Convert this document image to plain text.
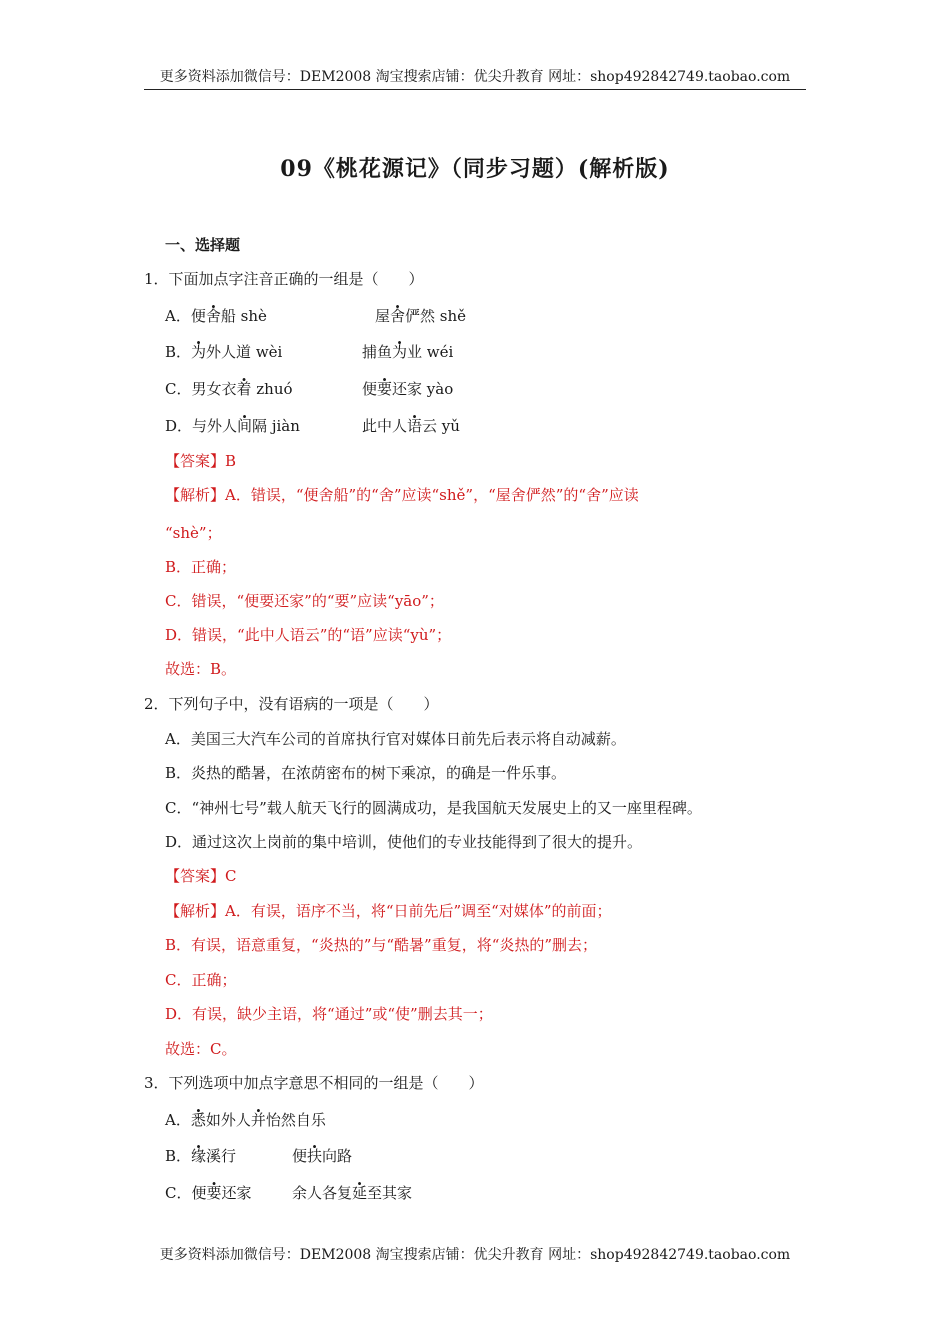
更多资料添加微信号：DEM2008 淘宝搜索店铺：优尖升教育 网址：shop492842749.taobao.com
09《桃花源记》（同步习题）(解析版)
一、选择题
1．下面加点字注音正确的一组是（　　）
A．便舍船 shè	屋舍俨然 shě
B．为外人道 wèi	捕鱼为业 wéi
C．男女衣着 zhuó	便要还家 yào
D．与外人间隔 jiàn	此中人语云 yǔ
【答案】B
【解析】A．错误，“便舍船”的“舍”应读“shě”，“屋舍俨然”的“舍”应读
“shè”；
B．正确；
C．错误，“便要还家”的“要”应读“yāo”；
D．错误，“此中人语云”的“语”应读“yù”；
故选：B。
2．下列句子中，没有语病的一项是（　　）
A．美国三大汽车公司的首席执行官对媒体日前先后表示将自动减薪。
B．炎热的酷暑，在浓荫密布的树下乘凉，的确是一件乐事。
C．“神州七号”载人航天飞行的圆满成功，是我国航天发展史上的又一座里程碑。
D．通过这次上岗前的集中培训，使他们的专业技能得到了很大的提升。
【答案】C
【解析】A．有误，语序不当，将“日前先后”调至“对媒体”的前面；
B．有误，语意重复，“炎热的”与“酷暑”重复，将“炎热的”删去；
C．正确；
D．有误，缺少主语，将“通过”或“使”删去其一；
故选：C。
3．下列选项中加点字意思不相同的一组是（　　）
A．悉如外人并怡然自乐
B．缘溪行	便扶向路
C．便要还家	余人各复延至其家
更多资料添加微信号：DEM2008 淘宝搜索店铺：优尖升教育 网址：shop492842749.taobao.com
